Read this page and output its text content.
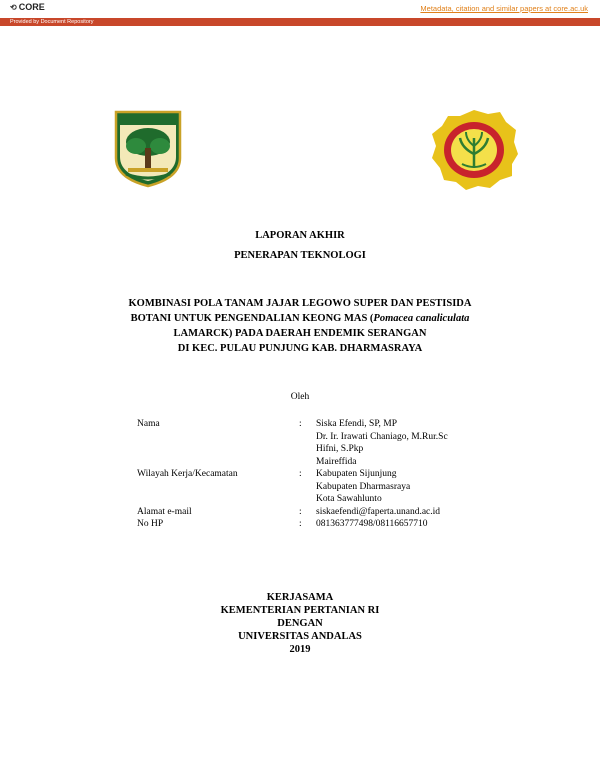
⟲ CORE	Metadata, citation and similar papers at core.ac.uk
Provided by Document Repository
LAPORAN AKHIR
PENERAPAN TEKNOLOGI
KOMBINASI POLA TANAM JAJAR LEGOWO SUPER DAN PESTISIDA
BOTANI UNTUK PENGENDALIAN KEONG MAS (Pomacea canaliculata
LAMARCK) PADA DAERAH ENDEMIK SERANGAN
DI KEC. PULAU PUNJUNG KAB. DHARMASRAYA
Oleh
Nama	:	Siska Efendi, SP, MP
Dr. Ir. Irawati Chaniago, M.Rur.Sc
Hifni, S.Pkp
Maireffida
Wilayah Kerja/Kecamatan	:	Kabupaten Sijunjung
Kabupaten Dharmasraya
Kota Sawahlunto
Alamat e-mail	:	siskaefendi@faperta.unand.ac.id
No HP	:	081363777498/08116657710
KERJASAMA
KEMENTERIAN PERTANIAN RI
DENGAN
UNIVERSITAS ANDALAS
2019
